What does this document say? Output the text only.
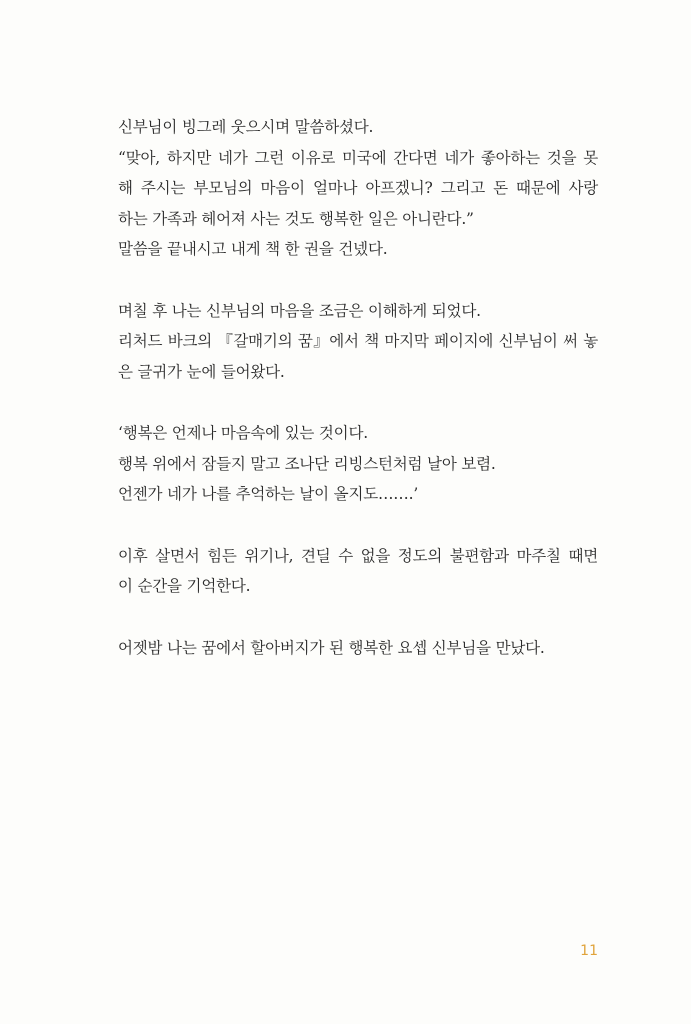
신부님이 빙그레 웃으시며 말씀하셨다.
“맞아, 하지만 네가 그런 이유로 미국에 간다면 네가 좋아하는 것을 못
해 주시는 부모님의 마음이 얼마나 아프겠니? 그리고 돈 때문에 사랑
하는 가족과 헤어져 사는 것도 행복한 일은 아니란다.”
말씀을 끝내시고 내게 책 한 권을 건넸다.
며칠 후 나는 신부님의 마음을 조금은 이해하게 되었다.
리처드 바크의 『갈매기의 꿈』에서 책 마지막 페이지에 신부님이 써 놓
은 글귀가 눈에 들어왔다.
‘행복은 언제나 마음속에 있는 것이다.
행복 위에서 잠들지 말고 조나단 리빙스턴처럼 날아 보렴.
언젠가 네가 나를 추억하는 날이 올지도…….’
이후 살면서 힘든 위기나, 견딜 수 없을 정도의 불편함과 마주칠 때면
이 순간을 기억한다.
어젯밤 나는 꿈에서 할아버지가 된 행복한 요셉 신부님을 만났다.
11
